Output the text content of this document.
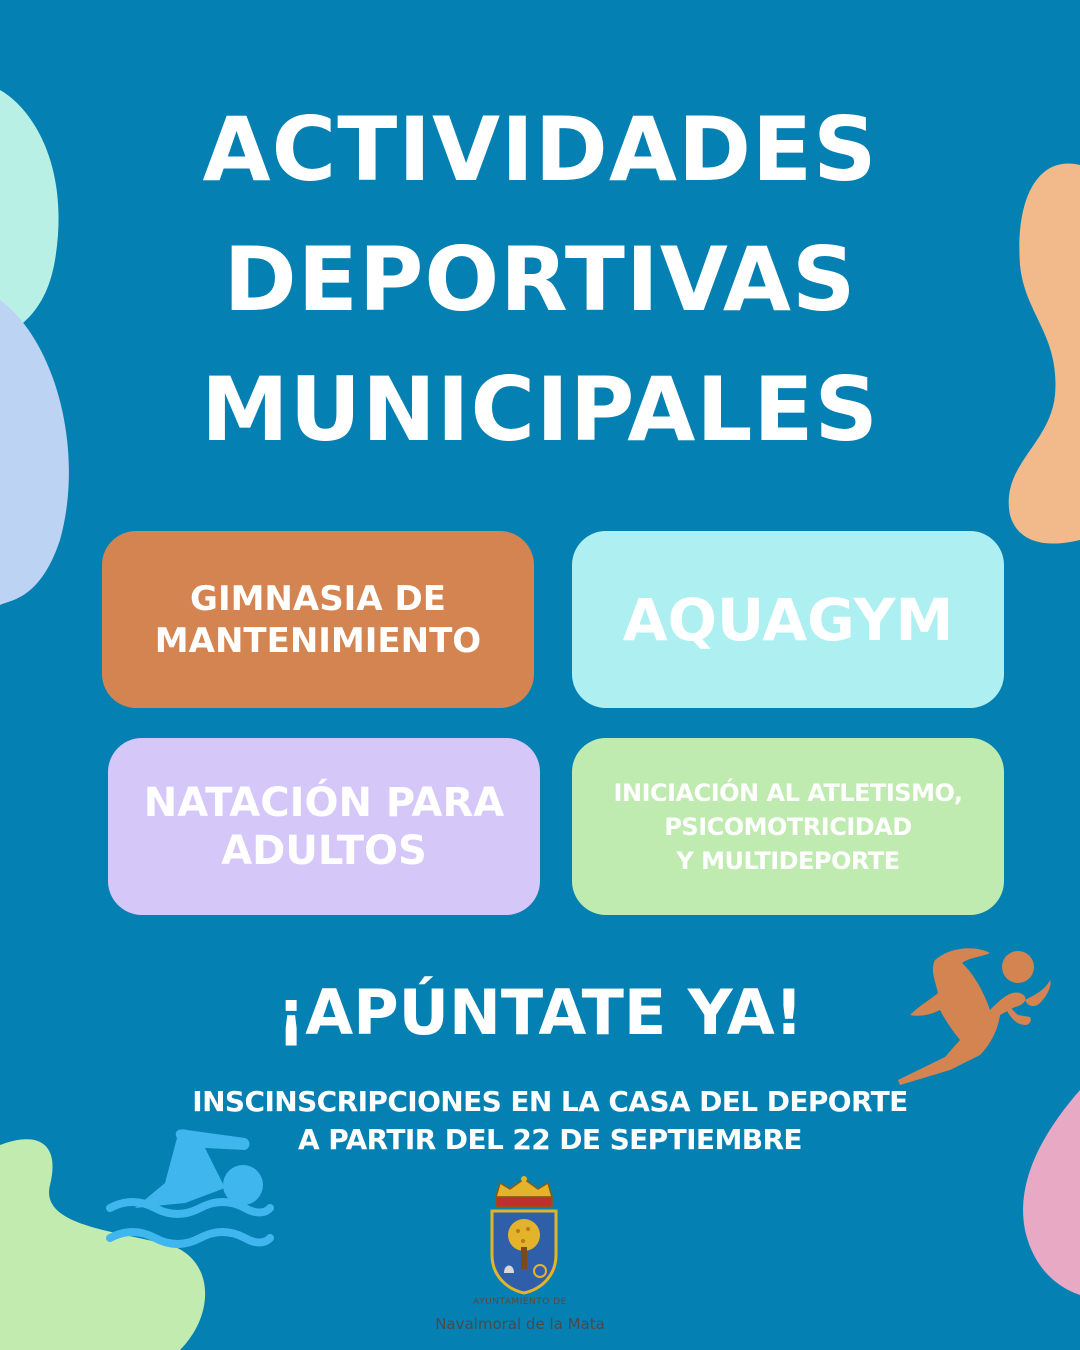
ACTIVIDADES
DEPORTIVAS
MUNICIPALES
GIMNASIA DE
MANTENIMIENTO AQUAGYM
NATACIÓN PARA
ADULTOS
INICIACIÓN AL ATLETISMO,
PSICOMOTRICIDAD
Y MULTIDEPORTE
¡APÚNTATE YA!
INSCINSCRIPCIONES EN LA CASA DEL DEPORTE
A PARTIR DEL 22 DE SEPTIEMBRE
AYUNTAMIENTO DE
Navalmoral de la Mata
